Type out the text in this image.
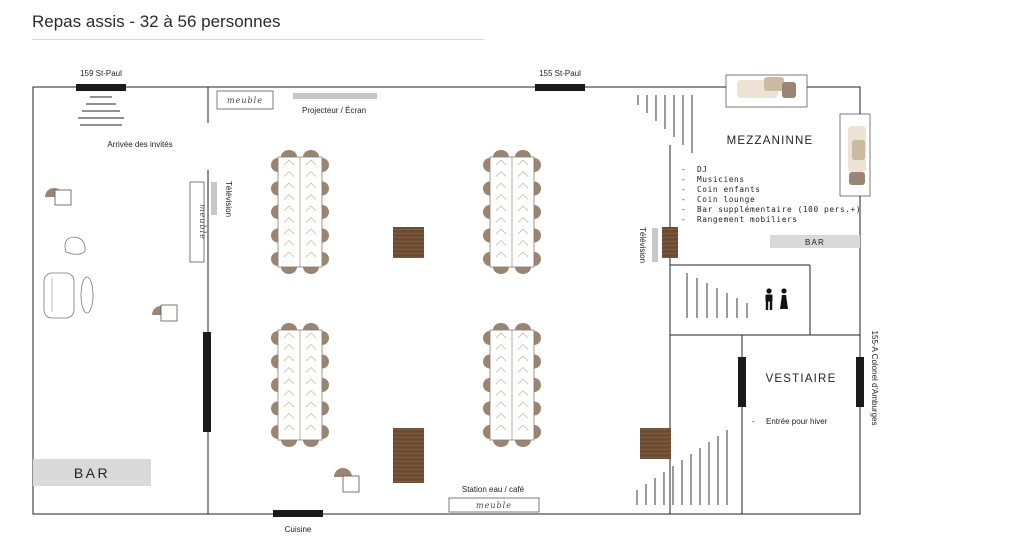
Repas assis - 32 à 56 personnes
159 St-Paul	155 St-Paul
Arrivée des invités
BAR
meuble
meuble
meuble
Projecteur / Écran
Télévision
Télévision
Station eau / café
Cuisine
MEZZANINNE
- DJ
- Musiciens
- Coin enfants
- Coin lounge
- Bar supplémentaire (100 pers.+)
- Rangement mobiliers
BAR
VESTIAIRE
- Entrée pour hiver	155-A Colonel d'Amburges
